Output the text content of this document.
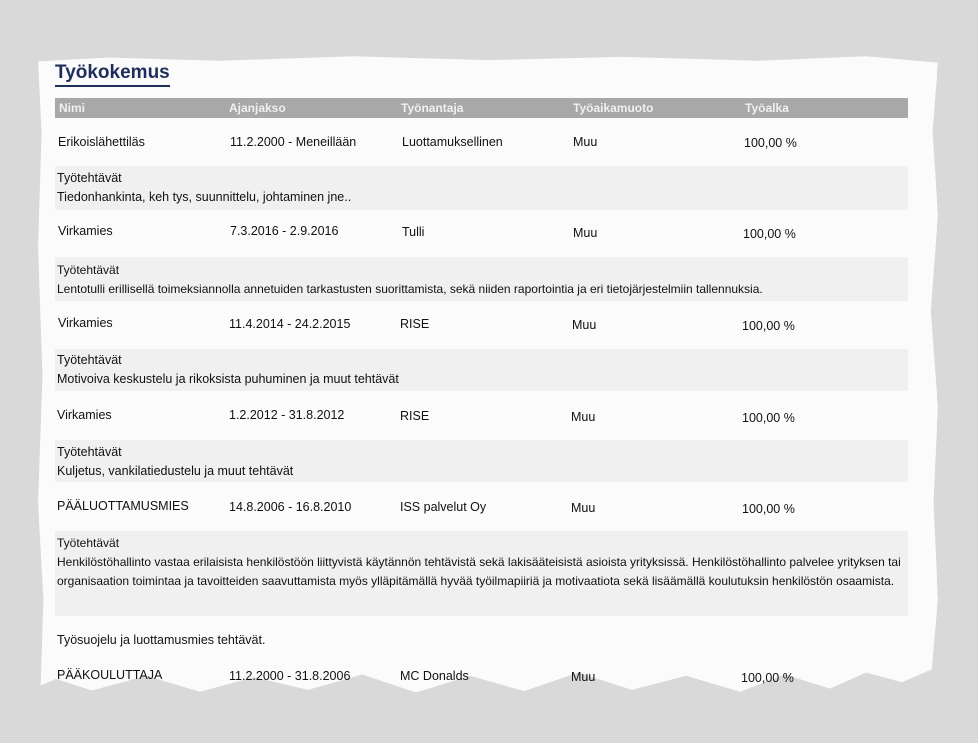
Työkokemus
Nimi	Ajanjakso	Työnantaja	Työaikamuoto	Työalka
Erikoislähettiläs	11.2.2000 - Meneillään	Luottamuksellinen	Muu	100,00 %
Työtehtävät
Tiedonhankinta, keh tys, suunnittelu, johtaminen jne..
Virkamies	7.3.2016 - 2.9.2016	Tulli	Muu	100,00 %
Työtehtävät
Lentotulli erillisellä toimeksiannolla annetuiden tarkastusten suorittamista, sekä niiden raportointia ja eri tietojärjestelmiin tallennuksia.
Virkamies	11.4.2014 - 24.2.2015	RISE	Muu	100,00 %
Työtehtävät
Motivoiva keskustelu ja rikoksista puhuminen ja muut tehtävät
Virkamies	1.2.2012 - 31.8.2012	RISE	Muu	100,00 %
Työtehtävät
Kuljetus, vankilatiedustelu ja muut tehtävät
PÄÄLUOTTAMUSMIES	14.8.2006 - 16.8.2010	ISS palvelut Oy	Muu	100,00 %
Työtehtävät
Henkilöstöhallinto vastaa erilaisista henkilöstöön liittyvistä käytännön tehtävistä sekä lakisääteisistä asioista yrityksissä. Henkilöstöhallinto palvelee yrityksen tai organisaation toimintaa ja tavoitteiden saavuttamista myös ylläpitämällä hyvää työilmapiiriä ja motivaatiota sekä lisäämällä koulutuksin henkilöstön osaamista.
Työsuojelu ja luottamusmies tehtävät.
PÄÄKOULUTTAJA	11.2.2000 - 31.8.2006	MC Donalds	Muu	100,00 %
